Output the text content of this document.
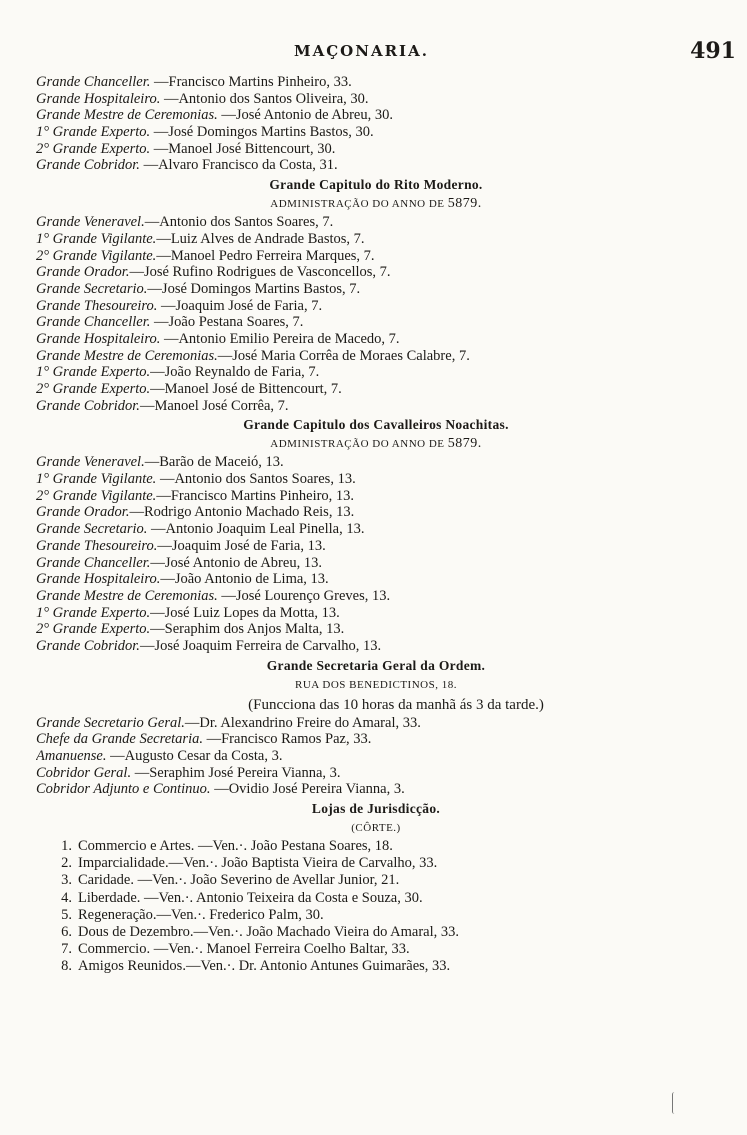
MAÇONARIA.	491
Grande Chanceller. —Francisco Martins Pinheiro, 33.
Grande Hospitaleiro. —Antonio dos Santos Oliveira, 30.
Grande Mestre de Ceremonias. —José Antonio de Abreu, 30.
1° Grande Experto. —José Domingos Martins Bastos, 30.
2° Grande Experto. —Manoel José Bittencourt, 30.
Grande Cobridor. —Alvaro Francisco da Costa, 31.
Grande Capitulo do Rito Moderno.
ADMINISTRAÇÃO DO ANNO DE 5879.
Grande Veneravel.—Antonio dos Santos Soares, 7.
1° Grande Vigilante.—Luiz Alves de Andrade Bastos, 7.
2° Grande Vigilante.—Manoel Pedro Ferreira Marques, 7.
Grande Orador.—José Rufino Rodrigues de Vasconcellos, 7.
Grande Secretario.—José Domingos Martins Bastos, 7.
Grande Thesoureiro. —Joaquim José de Faria, 7.
Grande Chanceller. —João Pestana Soares, 7.
Grande Hospitaleiro. —Antonio Emilio Pereira de Macedo, 7.
Grande Mestre de Ceremonias.—José Maria Corrêa de Moraes Calabre, 7.
1° Grande Experto.—João Reynaldo de Faria, 7.
2° Grande Experto.—Manoel José de Bittencourt, 7.
Grande Cobridor.—Manoel José Corrêa, 7.
Grande Capitulo dos Cavalleiros Noachitas.
ADMINISTRAÇÃO DO ANNO DE 5879.
Grande Veneravel.—Barão de Maceió, 13.
1° Grande Vigilante. —Antonio dos Santos Soares, 13.
2° Grande Vigilante.—Francisco Martins Pinheiro, 13.
Grande Orador.—Rodrigo Antonio Machado Reis, 13.
Grande Secretario. —Antonio Joaquim Leal Pinella, 13.
Grande Thesoureiro.—Joaquim José de Faria, 13.
Grande Chanceller.—José Antonio de Abreu, 13.
Grande Hospitaleiro.—João Antonio de Lima, 13.
Grande Mestre de Ceremonias. —José Lourenço Greves, 13.
1° Grande Experto.—José Luiz Lopes da Motta, 13.
2° Grande Experto.—Seraphim dos Anjos Malta, 13.
Grande Cobridor.—José Joaquim Ferreira de Carvalho, 13.
Grande Secretaria Geral da Ordem.
RUA DOS BENEDICTINOS, 18.
(Funcciona das 10 horas da manhã ás 3 da tarde.)
Grande Secretario Geral.—Dr. Alexandrino Freire do Amaral, 33.
Chefe da Grande Secretaria. —Francisco Ramos Paz, 33.
Amanuense. —Augusto Cesar da Costa, 3.
Cobridor Geral. —Seraphim José Pereira Vianna, 3.
Cobridor Adjunto e Continuo. —Ovidio José Pereira Vianna, 3.
Lojas de Jurisdicção.
(CÔRTE.)
1. Commercio e Artes. —Ven.·. João Pestana Soares, 18.
2. Imparcialidade.—Ven.·. João Baptista Vieira de Carvalho, 33.
3. Caridade. —Ven.·. João Severino de Avellar Junior, 21.
4. Liberdade. —Ven.·. Antonio Teixeira da Costa e Souza, 30.
5. Regeneração.—Ven.·. Frederico Palm, 30.
6. Dous de Dezembro.—Ven.·. João Machado Vieira do Amaral, 33.
7. Commercio. —Ven.·. Manoel Ferreira Coelho Baltar, 33.
8. Amigos Reunidos.—Ven.·. Dr. Antonio Antunes Guimarães, 33.
